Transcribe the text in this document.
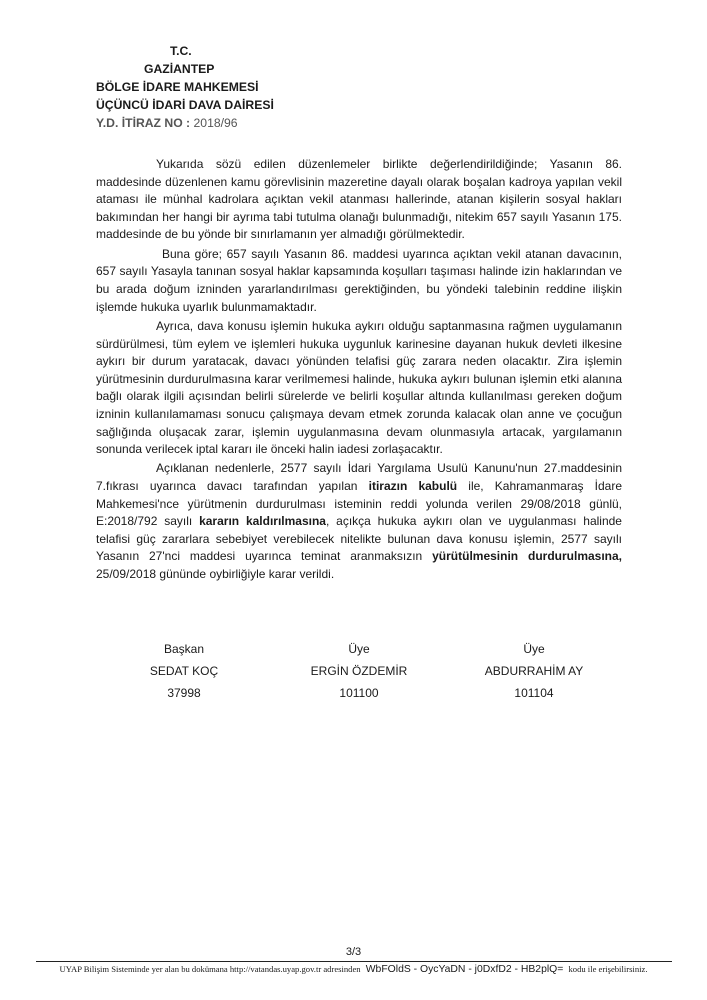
T.C.
GAZİANTEP
BÖLGE İDARE MAHKEMESİ
ÜÇÜNCÜ İDARİ DAVA DAİRESİ
Y.D. İTİRAZ NO : 2018/96

Yukarıda sözü edilen düzenlemeler birlikte değerlendirildiğinde; Yasanın 86. maddesinde düzenlenen kamu görevlisinin mazeretine dayalı olarak boşalan kadroya yapılan vekil ataması ile münhal kadrolara açıktan vekil atanması hallerinde, atanan kişilerin sosyal hakları bakımından her hangi bir ayrıma tabi tutulma olanağı bulunmadığı, nitekim 657 sayılı Yasanın 175. maddesinde de bu yönde bir sınırlamanın yer almadığı görülmektedir.

Buna göre; 657 sayılı Yasanın 86. maddesi uyarınca açıktan vekil atanan davacının, 657 sayılı Yasayla tanınan sosyal haklar kapsamında koşulları taşıması halinde izin haklarından ve bu arada doğum izninden yararlandırılması gerektiğinden, bu yöndeki talebinin reddine ilişkin işlemde hukuka uyarlık bulunmamaktadır.

Ayrıca, dava konusu işlemin hukuka aykırı olduğu saptanmasına rağmen uygulamanın sürdürülmesi, tüm eylem ve işlemleri hukuka uygunluk karinesine dayanan hukuk devleti ilkesine aykırı bir durum yaratacak, davacı yönünden telafisi güç zarara neden olacaktır. Zira işlemin yürütmesinin durdurulmasına karar verilmemesi halinde, hukuka aykırı bulunan işlemin etki alanına bağlı olarak ilgili açısından belirli sürelerde ve belirli koşullar altında kullanılması gereken doğum izninin kullanılamaması sonucu çalışmaya devam etmek zorunda kalacak olan anne ve çocuğun sağlığında oluşacak zarar, işlemin uygulanmasına devam olunmasıyla artacak, yargılamanın sonunda verilecek iptal kararı ile önceki halin iadesi zorlaşacaktır.

Açıklanan nedenlerle, 2577 sayılı İdari Yargılama Usulü Kanunu'nun 27.maddesinin 7.fıkrası uyarınca davacı tarafından yapılan itirazın kabulü ile, Kahramanmaraş İdare Mahkemesi'nce yürütmenin durdurulması isteminin reddi yolunda verilen 29/08/2018 günlü, E:2018/792 sayılı kararın kaldırılmasına, açıkça hukuka aykırı olan ve uygulanması halinde telafisi güç zararlara sebebiyet verebilecek nitelikte bulunan dava konusu işlemin, 2577 sayılı Yasanın 27'nci maddesi uyarınca teminat aranmaksızın yürütülmesinin durdurulmasına, 25/09/2018 gününde oybirliğiyle karar verildi.

Başkan
SEDAT KOÇ
37998
Üye
ERGİN ÖZDEMİR
101100
Üye
ABDURRAHİM AY
101104
3/3
UYAP Bilişim Sisteminde yer alan bu dokümana http://vatandas.uyap.gov.tr adresinden WbFOldS - OycYaDN - j0DxfD2 - HB2plQ= kodu ile erişebilirsiniz.
